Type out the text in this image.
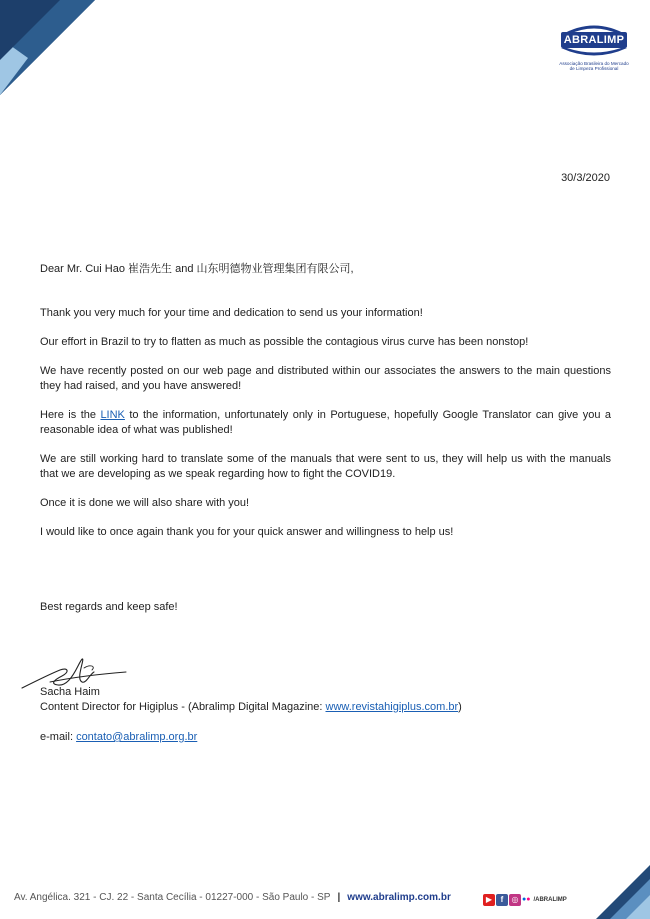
ABRALIMP
Associação Brasileira do Mercado de Limpeza Profissional
30/3/2020

Dear Mr. Cui Hao 崔浩先生 and 山东明德物业管理集团有限公司,

Thank you very much for your time and dedication to send us your information!

Our effort in Brazil to try to flatten as much as possible the contagious virus curve has been nonstop!

We have recently posted on our web page and distributed within our associates the answers to the main questions they had raised, and you have answered!

Here is the LINK to the information, unfortunately only in Portuguese, hopefully Google Translator can give you a reasonable idea of what was published!

We are still working hard to translate some of the manuals that were sent to us, they will help us with the manuals that we are developing as we speak regarding how to fight the COVID19.

Once it is done we will also share with you!

I would like to once again thank you for your quick answer and willingness to help us!

Best regards and keep safe!

Sacha Haim
Content Director for Higiplus - (Abralimp Digital Magazine: www.revistahigiplus.com.br)
e-mail: contato@abralimp.org.br
Av. Angélica. 321 - CJ. 22 - Santa Cecília - 01227-000 - São Paulo - SP | www.abralimp.com.br	▶ f ◎ ●● /ABRALIMP
